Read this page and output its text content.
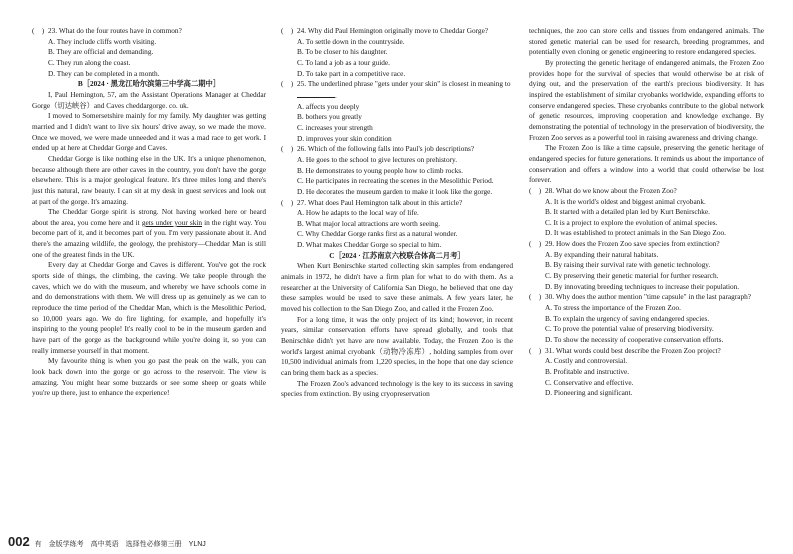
(　) 23. What do the four routes have in common?
A. They include cliffs worth visiting.
B. They are official and demanding.
C. They run along the coast.
D. They can be completed in a month.
B［2024 · 黑龙江哈尔滨第三中学高二期中］
I, Paul Hemington, 57, am the Assistant Operations Manager at Cheddar Gorge（切达峡谷）and Caves cheddargorge. co. uk.
I moved to Somersetshire mainly for my family. My daughter was getting married and I didn't want to live six hours' drive away, so we made the move. Once we moved, we were made unneeded and it was a mad race to get work. I ended up at here at Cheddar Gorge and Caves.
Cheddar Gorge is like nothing else in the UK. It's a unique phenomenon, because although there are other caves in the country, you don't have the gorge elsewhere. This is a major geological feature. It's three miles long and there's just this natural, raw beauty. I can sit at my desk in guest services and look out at part of the gorge. It's amazing.
The Cheddar Gorge spirit is strong. Not having worked here or heard about the area, you come here and it gets under your skin in the right way. You become part of it, and it becomes part of you. I'm very passionate about it. And there's the amazing wildlife, the geology, the prehistory—Cheddar Man is still one of the greatest finds in the UK.
Every day at Cheddar Gorge and Caves is different. You've got the rock sports side of things, the climbing, the caving. We take people through the caves, which we do with the museum, and whereby we have schools come in and do demonstrations with them. We will dress up as genuinely as we can to reproduce the time period of the Cheddar Man, which is the Mesolithic Period, so 10,000 years ago. We do fire lighting, for example, and hopefully it's inspiring to the young people! It's really cool to be in the museum garden and have part of the gorge as the background while you're doing it, so you can really immerse yourself in that moment.
My favourite thing is when you go past the peak on the walk, you can look back down into the gorge or go across to the reservoir. The view is amazing. You might hear some buzzards or see some sheep or goats while you're up there, just to enhance the experience!
(　) 24. Why did Paul Hemington originally move to Cheddar Gorge?
A. To settle down in the countryside.
B. To be closer to his daughter.
C. To land a job as a tour guide.
D. To take part in a competitive race.
(　) 25. The underlined phrase "gets under your skin" is closest in meaning to .
A. affects you deeply
B. bothers you greatly
C. increases your strength
D. improves your skin condition
(　) 26. Which of the following falls into Paul's job descriptions?
A. He goes to the school to give lectures on prehistory.
B. He demonstrates to young people how to climb rocks.
C. He participates in recreating the scenes in the Mesolithic Period.
D. He decorates the museum garden to make it look like the gorge.
(　) 27. What does Paul Hemington talk about in this article?
A. How he adapts to the local way of life.
B. What major local attractions are worth seeing.
C. Why Cheddar Gorge ranks first as a natural wonder.
D. What makes Cheddar Gorge so special to him.
C［2024 · 江苏南京六校联合体高二月考］
When Kurt Benirschke started collecting skin samples from endangered animals in 1972, he didn't have a firm plan for what to do with them. As a researcher at the University of California San Diego, he believed that one day these samples would be used to save these animals. A few years later, he moved his collection to the San Diego Zoo, and called it the Frozen Zoo.
For a long time, it was the only project of its kind; however, in recent years, similar conservation efforts have spread globally, and tools that Benirschke didn't yet have are now available. Today, the Frozen Zoo is the world's largest animal cryobank（动物冷冻库）, holding samples from over 10,500 individual animals from 1,220 species, in the hope that one day science can bring them back as a species.
The Frozen Zoo's advanced technology is the key to its success in saving species from extinction. By using cryopreservation
techniques, the zoo can store cells and tissues from endangered animals. The stored genetic material can be used for research, breeding programmes, and potentially even cloning or genetic engineering to restore endangered species.
By protecting the genetic heritage of endangered animals, the Frozen Zoo provides hope for the survival of species that would otherwise be at risk of dying out, and the preservation of the earth's precious biodiversity. It has inspired the establishment of similar cryobanks worldwide, expanding efforts to conserve endangered species. These cryobanks contribute to the global network of genetic resources, improving cooperation and knowledge exchange. By demonstrating the potential of technology in the preservation of biodiversity, the Frozen Zoo serves as a powerful tool in raising awareness and driving change.
The Frozen Zoo is like a time capsule, preserving the genetic heritage of endangered species for future generations. It reminds us about the importance of conservation and offers a window into a world that could otherwise be lost forever.
(　) 28. What do we know about the Frozen Zoo?
A. It is the world's oldest and biggest animal cryobank.
B. It started with a detailed plan led by Kurt Benirschke.
C. It is a project to explore the evolution of animal species.
D. It was established to protect animals in the San Diego Zoo.
(　) 29. How does the Frozen Zoo save species from extinction?
A. By expanding their natural habitats.
B. By raising their survival rate with genetic technology.
C. By preserving their genetic material for further research.
D. By innovating breeding techniques to increase their population.
(　) 30. Why does the author mention "time capsule" in the last paragraph?
A. To stress the importance of the Frozen Zoo.
B. To explain the urgency of saving endangered species.
C. To prove the potential value of preserving biodiversity.
D. To show the necessity of cooperative conservation efforts.
(　) 31. What words could best describe the Frozen Zoo project?
A. Costly and controversial.
B. Profitable and instructive.
C. Conservative and effective.
D. Pioneering and significant.
002 有　金版学练考　高中英语　选择性必修第三册　YLNJ
